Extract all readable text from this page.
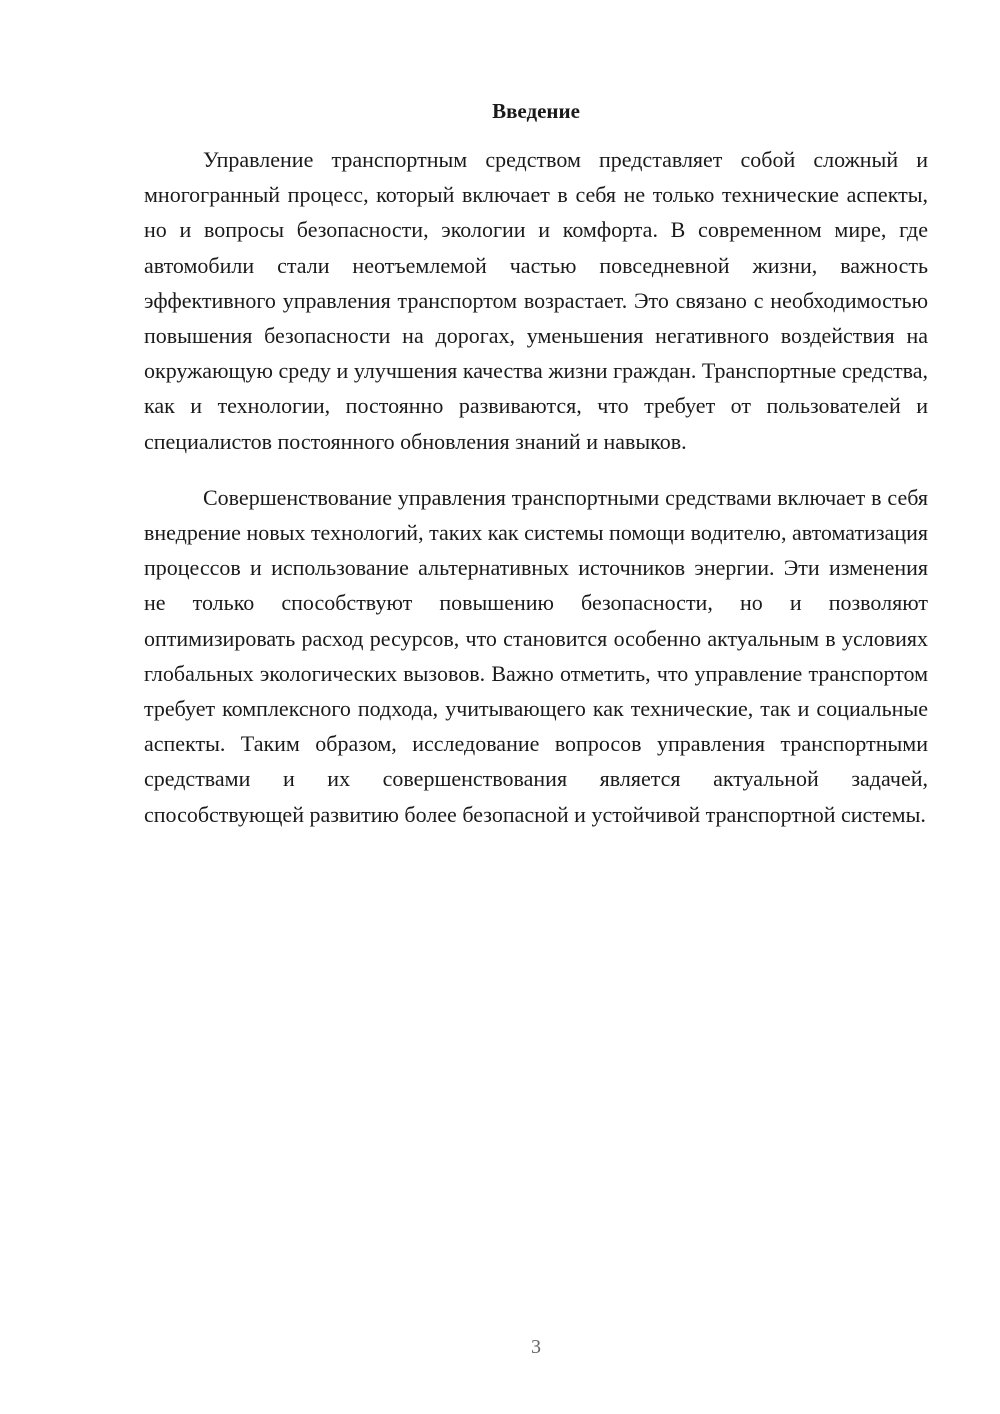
Введение

Управление транспортным средством представляет собой сложный и многогранный процесс, который включает в себя не только технические аспекты, но и вопросы безопасности, экологии и комфорта. В современном мире, где автомобили стали неотъемлемой частью повседневной жизни, важность эффективного управления транспортом возрастает. Это связано с необходимостью повышения безопасности на дорогах, уменьшения негативного воздействия на окружающую среду и улучшения качества жизни граждан. Транспортные средства, как и технологии, постоянно развиваются, что требует от пользователей и специалистов постоянного обновления знаний и навыков.

Совершенствование управления транспортными средствами включает в себя внедрение новых технологий, таких как системы помощи водителю, автоматизация процессов и использование альтернативных источников энергии. Эти изменения не только способствуют повышению безопасности, но и позволяют оптимизировать расход ресурсов, что становится особенно актуальным в условиях глобальных экологических вызовов. Важно отметить, что управление транспортом требует комплексного подхода, учитывающего как технические, так и социальные аспекты. Таким образом, исследование вопросов управления транспортными средствами и их совершенствования является актуальной задачей, способствующей развитию более безопасной и устойчивой транспортной системы.

3
